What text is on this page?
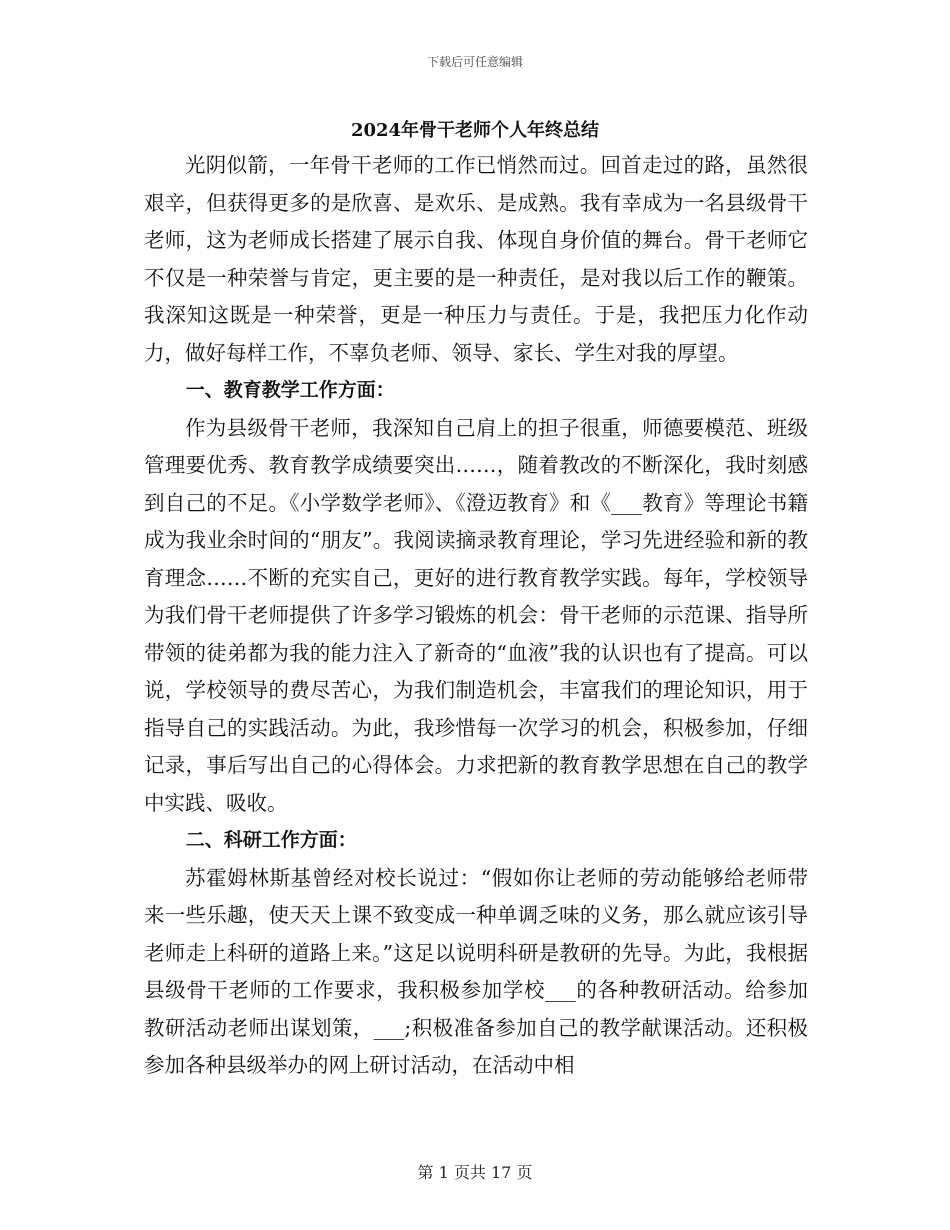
下载后可任意编辑
2024年骨干老师个人年终总结

光阴似箭，一年骨干老师的工作已悄然而过。回首走过的路，虽然很艰辛，但获得更多的是欣喜、是欢乐、是成熟。我有幸成为一名县级骨干老师，这为老师成长搭建了展示自我、体现自身价值的舞台。骨干老师它不仅是一种荣誉与肯定，更主要的是一种责任，是对我以后工作的鞭策。我深知这既是一种荣誉，更是一种压力与责任。于是，我把压力化作动力，做好每样工作，不辜负老师、领导、家长、学生对我的厚望。

一、教育教学工作方面：

作为县级骨干老师，我深知自己肩上的担子很重，师德要模范、班级管理要优秀、教育教学成绩要突出……，随着教改的不断深化，我时刻感到自己的不足。《小学数学老师》、《澄迈教育》和《___教育》等理论书籍成为我业余时间的“朋友”。我阅读摘录教育理论，学习先进经验和新的教育理念……不断的充实自己，更好的进行教育教学实践。每年，学校领导为我们骨干老师提供了许多学习锻炼的机会：骨干老师的示范课、指导所带领的徒弟都为我的能力注入了新奇的“血液”我的认识也有了提高。可以说，学校领导的费尽苦心，为我们制造机会，丰富我们的理论知识，用于指导自己的实践活动。为此，我珍惜每一次学习的机会，积极参加，仔细记录，事后写出自己的心得体会。力求把新的教育教学思想在自己的教学中实践、吸收。

二、科研工作方面：

苏霍姆林斯基曾经对校长说过：“假如你让老师的劳动能够给老师带来一些乐趣，使天天上课不致变成一种单调乏味的义务，那么就应该引导老师走上科研的道路上来。”这足以说明科研是教研的先导。为此，我根据县级骨干老师的工作要求，我积极参加学校___的各种教研活动。给参加教研活动老师出谋划策，___;积极准备参加自己的教学献课活动。还积极参加各种县级举办的网上研讨活动，在活动中相

第 1 页共 17 页
